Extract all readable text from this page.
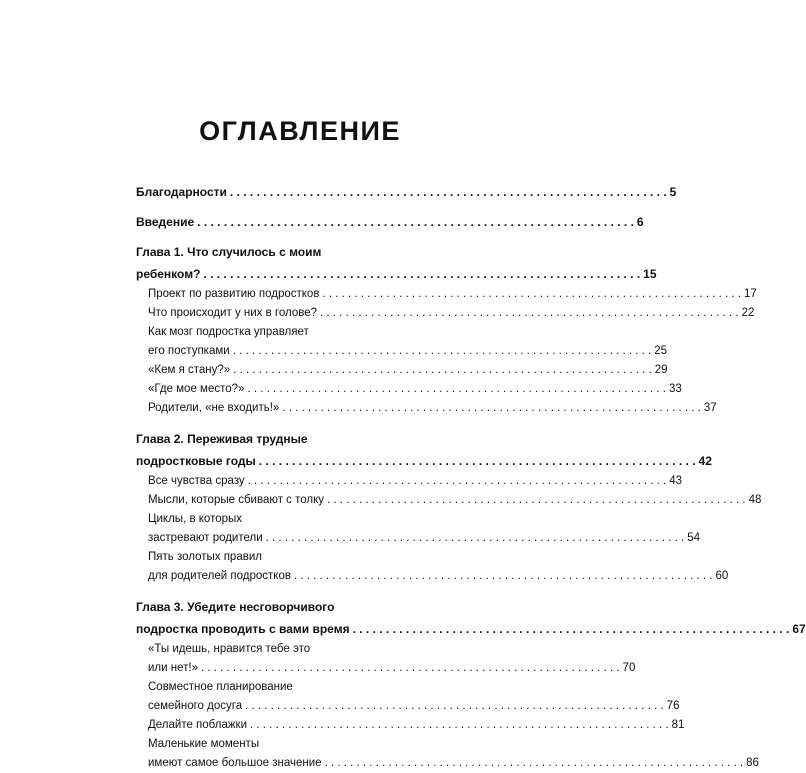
ОГЛАВЛЕНИЕ
Благодарности . . . . . . . . . . . . . . . . . . . . . . . . . . . . . . . . . . . . . . . . . . . . . . . . . . . . . . . . . . . . . . . . . . 5
Введение . . . . . . . . . . . . . . . . . . . . . . . . . . . . . . . . . . . . . . . . . . . . . . . . . . . . . . . . . . . . . . . . . . 6
Глава 1. Что случилось с моим
ребенком? . . . . . . . . . . . . . . . . . . . . . . . . . . . . . . . . . . . . . . . . . . . . . . . . . . . . . . . . . . . . . . . . . . 15
Проект по развитию подростков . . . . . . . . . . . . . . . . . . . . . . . . . . . . . . . . . . . . . . . . . . . . . . . . . . . . . . . . . . . . . . . . . . 17
Что происходит у них в голове? . . . . . . . . . . . . . . . . . . . . . . . . . . . . . . . . . . . . . . . . . . . . . . . . . . . . . . . . . . . . . . . . . . 22
Как мозг подростка управляет
его поступками . . . . . . . . . . . . . . . . . . . . . . . . . . . . . . . . . . . . . . . . . . . . . . . . . . . . . . . . . . . . . . . . . . 25
«Кем я стану?» . . . . . . . . . . . . . . . . . . . . . . . . . . . . . . . . . . . . . . . . . . . . . . . . . . . . . . . . . . . . . . . . . . 29
«Где мое место?» . . . . . . . . . . . . . . . . . . . . . . . . . . . . . . . . . . . . . . . . . . . . . . . . . . . . . . . . . . . . . . . . . . 33
Родители, «не входить!» . . . . . . . . . . . . . . . . . . . . . . . . . . . . . . . . . . . . . . . . . . . . . . . . . . . . . . . . . . . . . . . . . . 37
Глава 2. Переживая трудные
подростковые годы . . . . . . . . . . . . . . . . . . . . . . . . . . . . . . . . . . . . . . . . . . . . . . . . . . . . . . . . . . . . . . . . . . 42
Все чувства сразу . . . . . . . . . . . . . . . . . . . . . . . . . . . . . . . . . . . . . . . . . . . . . . . . . . . . . . . . . . . . . . . . . . 43
Мысли, которые сбивают с толку . . . . . . . . . . . . . . . . . . . . . . . . . . . . . . . . . . . . . . . . . . . . . . . . . . . . . . . . . . . . . . . . . . 48
Циклы, в которых
застревают родители . . . . . . . . . . . . . . . . . . . . . . . . . . . . . . . . . . . . . . . . . . . . . . . . . . . . . . . . . . . . . . . . . . 54
Пять золотых правил
для родителей подростков . . . . . . . . . . . . . . . . . . . . . . . . . . . . . . . . . . . . . . . . . . . . . . . . . . . . . . . . . . . . . . . . . . 60
Глава 3. Убедите несговорчивого
подростка проводить с вами время . . . . . . . . . . . . . . . . . . . . . . . . . . . . . . . . . . . . . . . . . . . . . . . . . . . . . . . . . . . . . . . . . . 67
«Ты идешь, нравится тебе это
или нет!» . . . . . . . . . . . . . . . . . . . . . . . . . . . . . . . . . . . . . . . . . . . . . . . . . . . . . . . . . . . . . . . . . . 70
Совместное планирование
семейного досуга . . . . . . . . . . . . . . . . . . . . . . . . . . . . . . . . . . . . . . . . . . . . . . . . . . . . . . . . . . . . . . . . . . 76
Делайте поблажки . . . . . . . . . . . . . . . . . . . . . . . . . . . . . . . . . . . . . . . . . . . . . . . . . . . . . . . . . . . . . . . . . . 81
Маленькие моменты
имеют самое большое значение . . . . . . . . . . . . . . . . . . . . . . . . . . . . . . . . . . . . . . . . . . . . . . . . . . . . . . . . . . . . . . . . . . 86
